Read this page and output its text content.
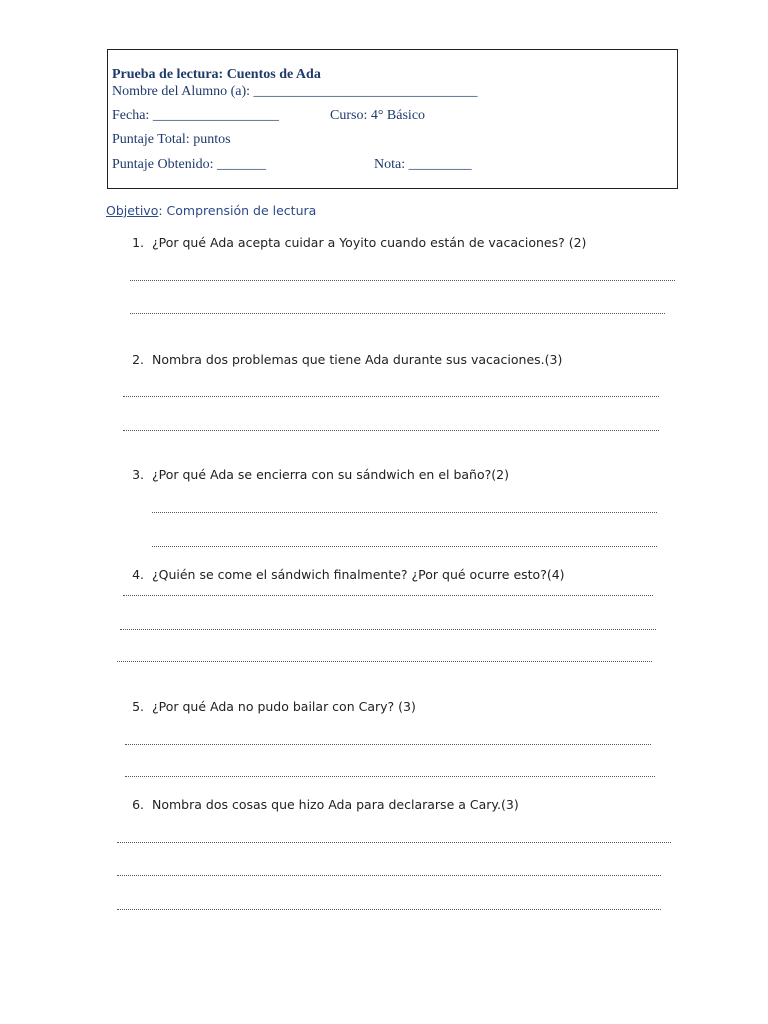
Prueba de lectura: Cuentos de Ada
Nombre del Alumno (a): ________________________________
Fecha: __________________	Curso: 4° Básico
Puntaje Total: puntos
Puntaje Obtenido: _______	Nota: _________
Objetivo: Comprensión de lectura
1. ¿Por qué Ada acepta cuidar a Yoyito cuando están de vacaciones? (2)
2. Nombra dos problemas que tiene Ada durante sus vacaciones.(3)
3. ¿Por qué Ada se encierra con su sándwich en el baño?(2)
4. ¿Quién se come el sándwich finalmente? ¿Por qué ocurre esto?(4)
5. ¿Por qué Ada no pudo bailar con Cary? (3)
6. Nombra dos cosas que hizo Ada para declararse a Cary.(3)
